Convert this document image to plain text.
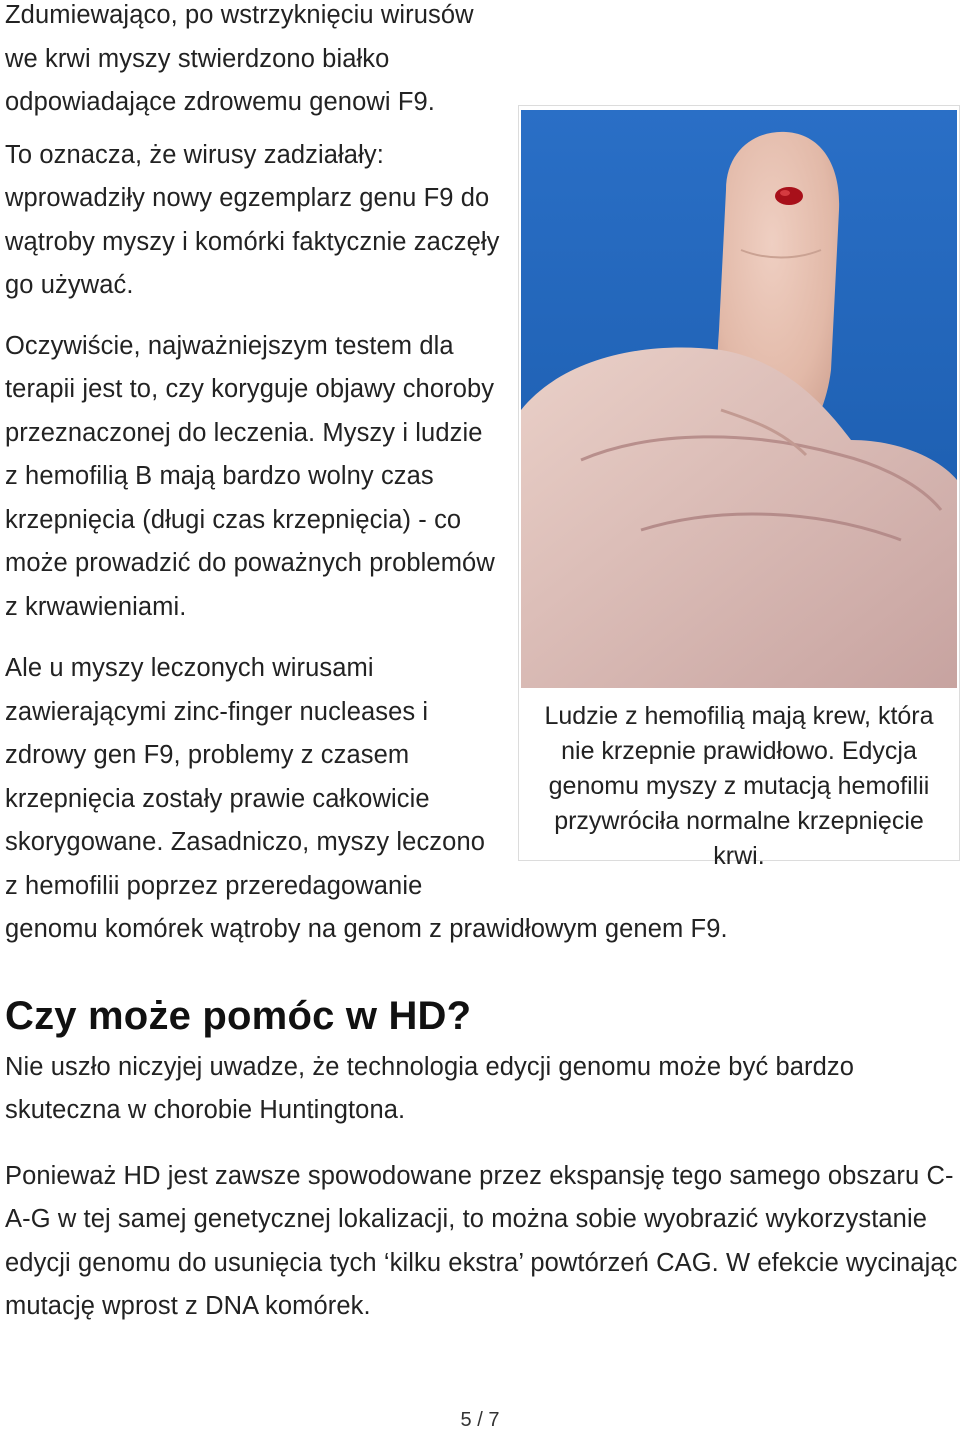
Ludzie z hemofilią mają krew, która nie krzepnie prawidłowo. Edycja genomu myszy z mutacją hemofilii przywróciła normalne krzepnięcie krwi.

Zdumiewająco, po wstrzyknięciu wirusów we krwi myszy stwierdzono białko odpowiadające zdrowemu genowi F9.

To oznacza, że wirusy zadziałały: wprowadziły nowy egzemplarz genu F9 do wątroby myszy i komórki faktycznie zaczęły go używać.

Oczywiście, najważniejszym testem dla terapii jest to, czy koryguje objawy choroby przeznaczonej do leczenia. Myszy i ludzie z hemofilią B mają bardzo wolny czas krzepnięcia (długi czas krzepnięcia) - co może prowadzić do poważnych problemów z krwawieniami.

Ale u myszy leczonych wirusami zawierającymi zinc-finger nucleases i zdrowy gen F9, problemy z czasem krzepnięcia zostały prawie całkowicie skorygowane. Zasadniczo, myszy leczono z hemofilii poprzez przeredagowanie genomu komórek wątroby na genom z prawidłowym genem F9.

Czy może pomóc w HD?

Nie uszło niczyjej uwadze, że technologia edycji genomu może być bardzo skuteczna w chorobie Huntingtona.

Ponieważ HD jest zawsze spowodowane przez ekspansję tego samego obszaru C-A-G w tej samej genetycznej lokalizacji, to można sobie wyobrazić wykorzystanie edycji genomu do usunięcia tych ‘kilku ekstra’ powtórzeń CAG. W efekcie wycinając mutację wprost z DNA komórek.

5 / 7
